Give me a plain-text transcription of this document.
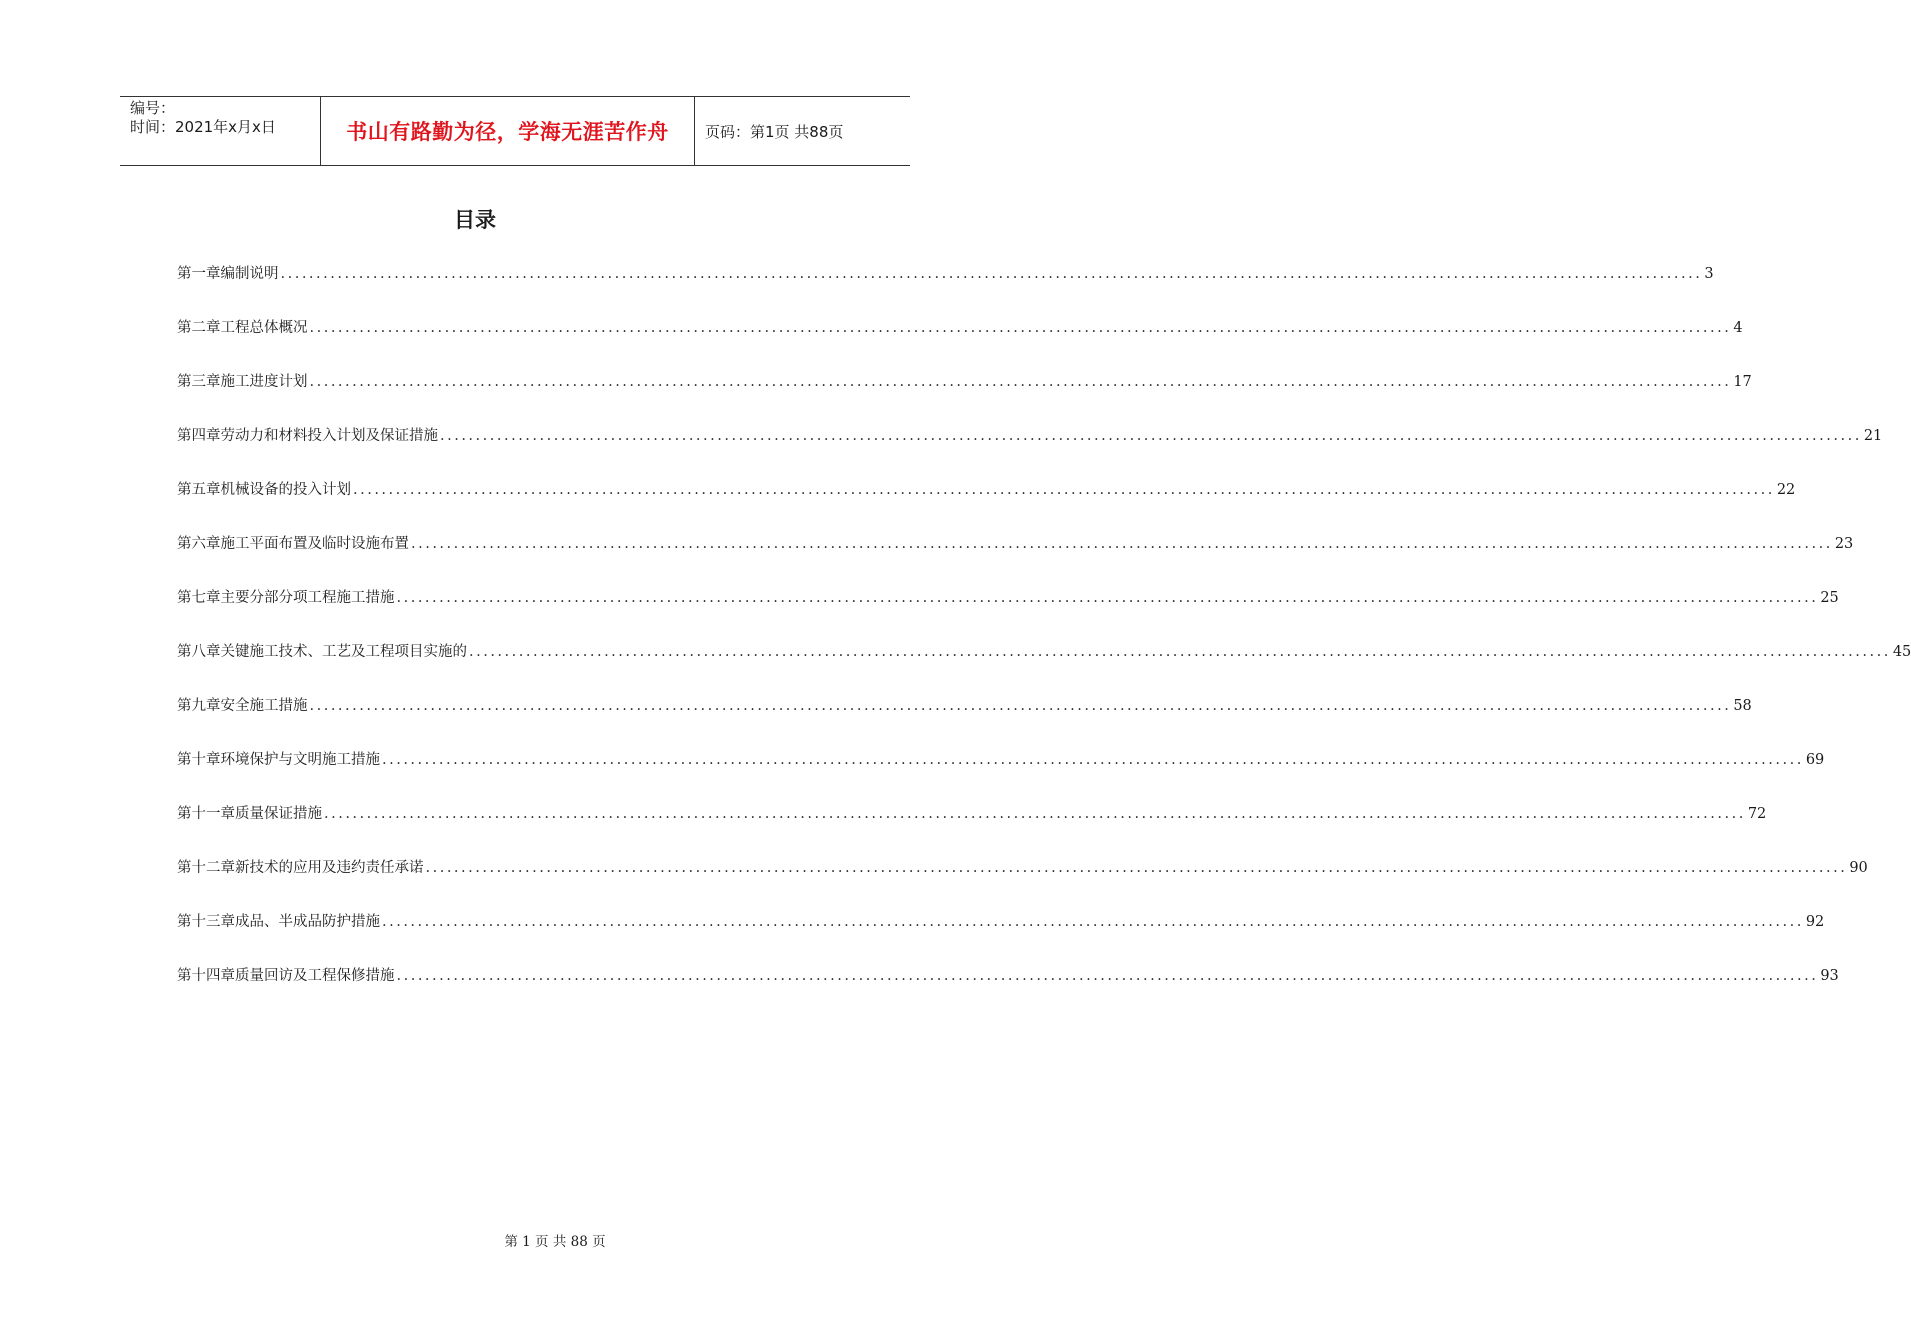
编号：
时间：2021年x月x日	书山有路勤为径，学海无涯苦作舟 页码：第1页 共88页
目录
第一章 编制说明 ........................................................................................................................................................................................................ 3
第二章 工程总体概况 ........................................................................................................................................................................................................ 4
第三章 施工进度计划 ........................................................................................................................................................................................................ 17
第四章 劳动力和材料投入计划及保证措施 ........................................................................................................................................................................................................ 21
第五章 机械设备的投入计划 ........................................................................................................................................................................................................ 22
第六章 施工平面布置及临时设施布置 ........................................................................................................................................................................................................ 23
第七章 主要分部分项工程施工措施 ........................................................................................................................................................................................................ 25
第八章 关键施工技术、工艺及工程项目实施的 ........................................................................................................................................................................................................ 45
第九章 安全施工措施 ........................................................................................................................................................................................................ 58
第十章 环境保护与文明施工措施 ........................................................................................................................................................................................................ 69
第十一章 质量保证措施 ........................................................................................................................................................................................................ 72
第十二章 新技术的应用及违约责任承诺 ........................................................................................................................................................................................................ 90
第十三章 成品、半成品防护措施 ........................................................................................................................................................................................................ 92
第十四章 质量回访及工程保修措施 ........................................................................................................................................................................................................ 93
第 1 页 共 88 页
